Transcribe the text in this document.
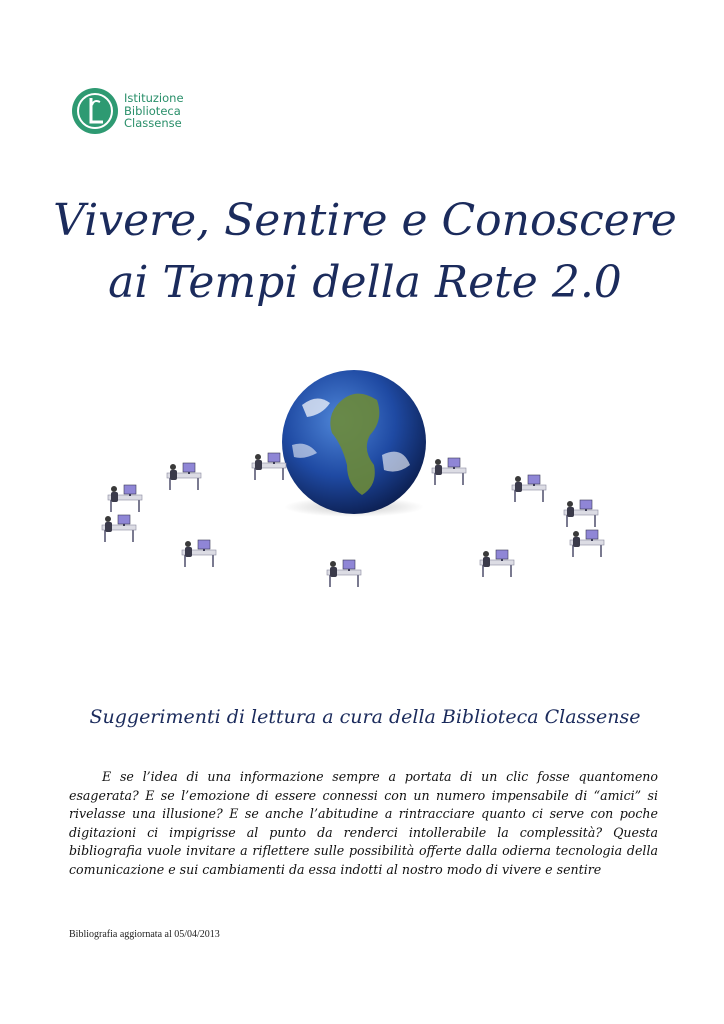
Istituzione
Biblioteca
Classense
Vivere, Sentire e Conoscere
ai Tempi della Rete 2.0
Suggerimenti di lettura a cura della Biblioteca Classense

E se l’idea di una informazione sempre a portata di un clic fosse quantomeno esagerata? E se l’emozione di essere connessi con un numero impensabile di “amici” si rivelasse una illusione? E se anche l’abitudine a rintracciare quanto ci serve con poche digitazioni ci impigrisse al punto da renderci intollerabile la complessità? Questa bibliografia vuole invitare a riflettere sulle possibilità offerte dalla odierna tecnologia della comunicazione e sui cambiamenti da essa indotti al nostro modo di vivere e sentire

Bibliografia aggiornata al 05/04/2013
